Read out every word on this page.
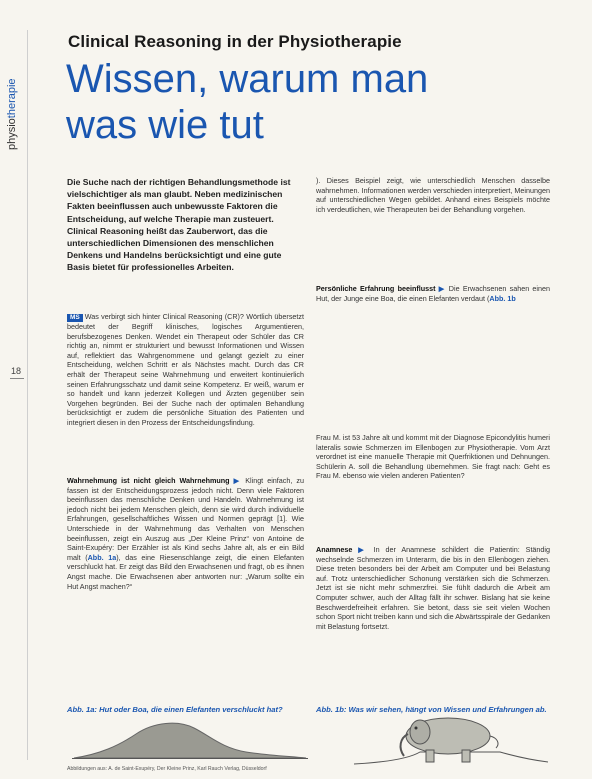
physiotherapie
18
Clinical Reasoning in der Physiotherapie
Wissen, warum man
was wie tut
Die Suche nach der richtigen Behandlungsmethode ist vielschichtiger als man glaubt. Neben medizinischen Fakten beeinflussen auch unbewusste Faktoren die Entscheidung, auf welche Therapie man zusteuert. Clinical Reasoning heißt das Zauberwort, das die unterschiedlichen Dimensionen des menschlichen Denkens und Handelns berücksichtigt und eine gute Basis bietet für professionelles Arbeiten.

MS Was verbirgt sich hinter Clinical Reasoning (CR)? Wörtlich übersetzt bedeutet der Begriff klinisches, logisches Argumentieren, berufsbezogenes Denken. Wendet ein Therapeut oder Schüler das CR richtig an, nimmt er strukturiert und bewusst Informationen und Wissen auf, reflektiert das Wahrgenommene und gelangt gezielt zu einer Entscheidung, welchen Schritt er als Nächstes macht. Durch das CR erhält der Therapeut seine Wahrnehmung und erweitert kontinuierlich seinen Erfahrungsschatz und damit seine Kompetenz. Er weiß, warum er so handelt und kann jederzeit Kollegen und Ärzten gegenüber sein Vorgehen begründen. Bei der Suche nach der optimalen Behandlung berücksichtigt er zudem die persönliche Situation des Patienten und integriert diesen in den Prozess der Entscheidungsfindung.

Wahrnehmung ist nicht gleich Wahrnehmung ▶ Klingt einfach, zu fassen ist der Entscheidungsprozess jedoch nicht. Denn viele Faktoren beeinflussen das menschliche Denken und Handeln. Wahrnehmung ist jedoch nicht bei jedem Menschen gleich, denn sie wird durch individuelle Erfahrungen, gesellschaftliches Wissen und Normen geprägt [1]. Wie Unterschiede in der Wahrnehmung das Verhalten von Menschen beeinflussen, zeigt ein Auszug aus „Der Kleine Prinz“ von Antoine de Saint-Exupéry: Der Erzähler ist als Kind sechs Jahre alt, als er ein Bild malt (Abb. 1a), das eine Riesenschlange zeigt, die einen Elefanten verschluckt hat. Er zeigt das Bild den Erwachsenen und fragt, ob es ihnen Angst mache. Die Erwachsenen aber antworten nur: „Warum sollte ein Hut Angst machen?“

). Dieses Beispiel zeigt, wie unterschiedlich Menschen dasselbe wahrnehmen. Informationen werden verschieden interpretiert, Meinungen auf unterschiedlichen Wegen gebildet. Anhand eines Beispiels möchte ich verdeutlichen, wie Therapeuten bei der Behandlung vorgehen.

Persönliche Erfahrung beeinflusst ▶ Die Erwachsenen sahen einen Hut, der Junge eine Boa, die einen Elefanten verdaut (Abb. 1b

Frau M. ist 53 Jahre alt und kommt mit der Diagnose Epicondylitis humeri lateralis sowie Schmerzen im Ellenbogen zur Physiotherapie. Vom Arzt verordnet ist eine manuelle Therapie mit Querfriktionen und Dehnungen. Schülerin A. soll die Behandlung übernehmen. Sie fragt nach: Geht es Frau M. ebenso wie vielen anderen Patienten?

Anamnese ▶ In der Anamnese schildert die Patientin: Ständig wechselnde Schmerzen im Unterarm, die bis in den Ellenbogen ziehen. Diese treten besonders bei der Arbeit am Computer und bei Belastung auf. Trotz unterschiedlicher Schonung verstärken sich die Schmerzen. Jetzt ist sie nicht mehr schmerzfrei. Sie fühlt dadurch die Arbeit am Computer schwer, auch der Alltag fällt ihr schwer. Bislang hat sie keine Beschwerdefreiheit erfahren. Sie betont, dass sie seit vielen Wochen schon Sport nicht treiben kann und sich die Abwärtsspirale der Gedanken mit Belastung fortsetzt.

Abb. 1a: Hut oder Boa, die einen Elefanten verschluckt hat?	Abb. 1b: Was wir sehen, hängt von Wissen und Erfahrungen ab.
Abbildungen aus: A. de Saint-Exupéry, Der Kleine Prinz, Karl Rauch Verlag, Düsseldorf
